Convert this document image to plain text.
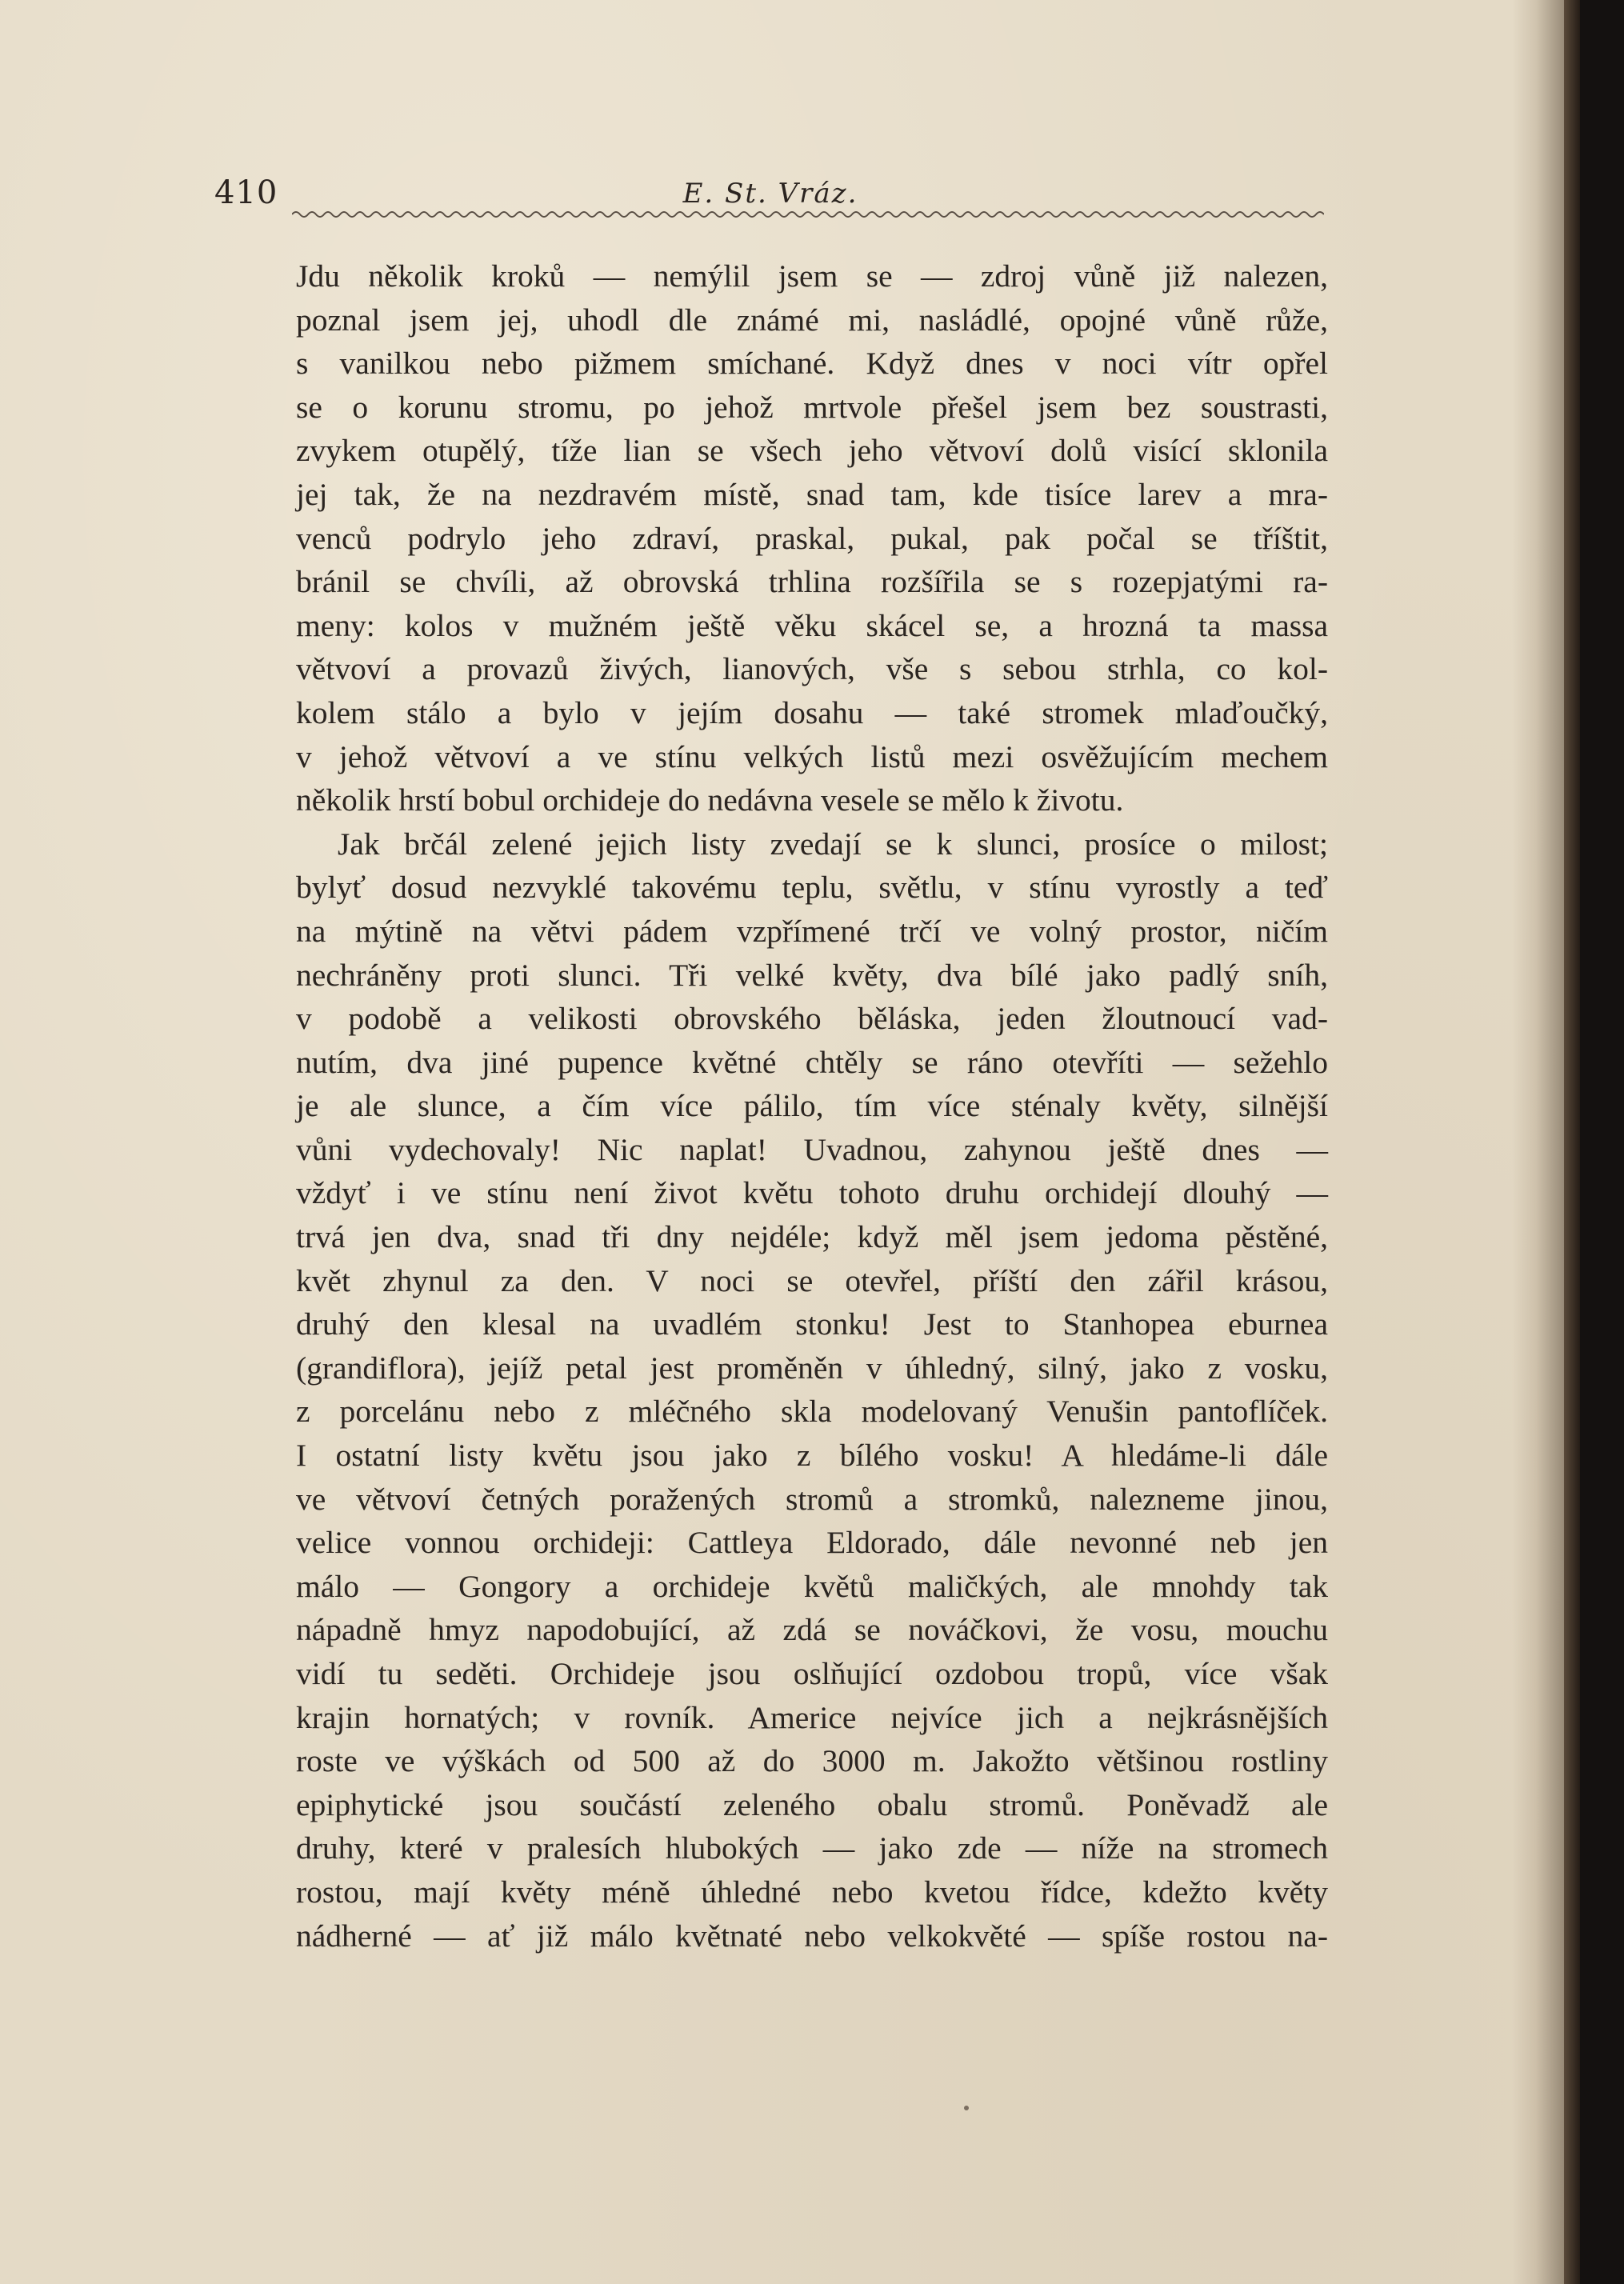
410	E. St. Vráz.
Jdu několik kroků — nemýlil jsem se — zdroj vůně již nalezen,
poznal jsem jej, uhodl dle známé mi, nasládlé, opojné vůně růže,
s vanilkou nebo pižmem smíchané. Když dnes v noci vítr opřel
se o korunu stromu, po jehož mrtvole přešel jsem bez soustrasti,
zvykem otupělý, tíže lian se všech jeho větvoví dolů visící sklonila
jej tak, že na nezdravém místě, snad tam, kde tisíce larev a mra-
venců podrylo jeho zdraví, praskal, pukal, pak počal se tříštit,
bránil se chvíli, až obrovská trhlina rozšířila se s rozepjatými ra-
meny: kolos v mužném ještě věku skácel se, a hrozná ta massa
větvoví a provazů živých, lianových, vše s sebou strhla, co kol-
kolem stálo a bylo v jejím dosahu — také stromek mlaďoučký,
v jehož větvoví a ve stínu velkých listů mezi osvěžujícím mechem
několik hrstí bobul orchideje do nedávna vesele se mělo k životu.
Jak brčál zelené jejich listy zvedají se k slunci, prosíce o milost;
bylyť dosud nezvyklé takovému teplu, světlu, v stínu vyrostly a teď
na mýtině na větvi pádem vzpřímené trčí ve volný prostor, ničím
nechráněny proti slunci. Tři velké květy, dva bílé jako padlý sníh,
v podobě a velikosti obrovského běláska, jeden žloutnoucí vad-
nutím, dva jiné pupence květné chtěly se ráno otevříti — sežehlo
je ale slunce, a čím více pálilo, tím více sténaly květy, silnější
vůni vydechovaly! Nic naplat! Uvadnou, zahynou ještě dnes —
vždyť i ve stínu není život květu tohoto druhu orchidejí dlouhý —
trvá jen dva, snad tři dny nejdéle; když měl jsem jedoma pěstěné,
květ zhynul za den. V noci se otevřel, příští den zářil krásou,
druhý den klesal na uvadlém stonku! Jest to Stanhopea eburnea
(grandiflora), jejíž petal jest proměněn v úhledný, silný, jako z vosku,
z porcelánu nebo z mléčného skla modelovaný Venušin pantoflíček.
I ostatní listy květu jsou jako z bílého vosku! A hledáme-li dále
ve větvoví četných poražených stromů a stromků, nalezneme jinou,
velice vonnou orchideji: Cattleya Eldorado, dále nevonné neb jen
málo — Gongory a orchideje květů maličkých, ale mnohdy tak
nápadně hmyz napodobující, až zdá se nováčkovi, že vosu, mouchu
vidí tu seděti. Orchideje jsou oslňující ozdobou tropů, více však
krajin hornatých; v rovník. Americe nejvíce jich a nejkrásnějších
roste ve výškách od 500 až do 3000 m. Jakožto většinou rostliny
epiphytické jsou součástí zeleného obalu stromů. Poněvadž ale
druhy, které v pralesích hlubokých — jako zde — níže na stromech
rostou, mají květy méně úhledné nebo kvetou řídce, kdežto květy
nádherné — ať již málo květnaté nebo velkokvěté — spíše rostou na-
